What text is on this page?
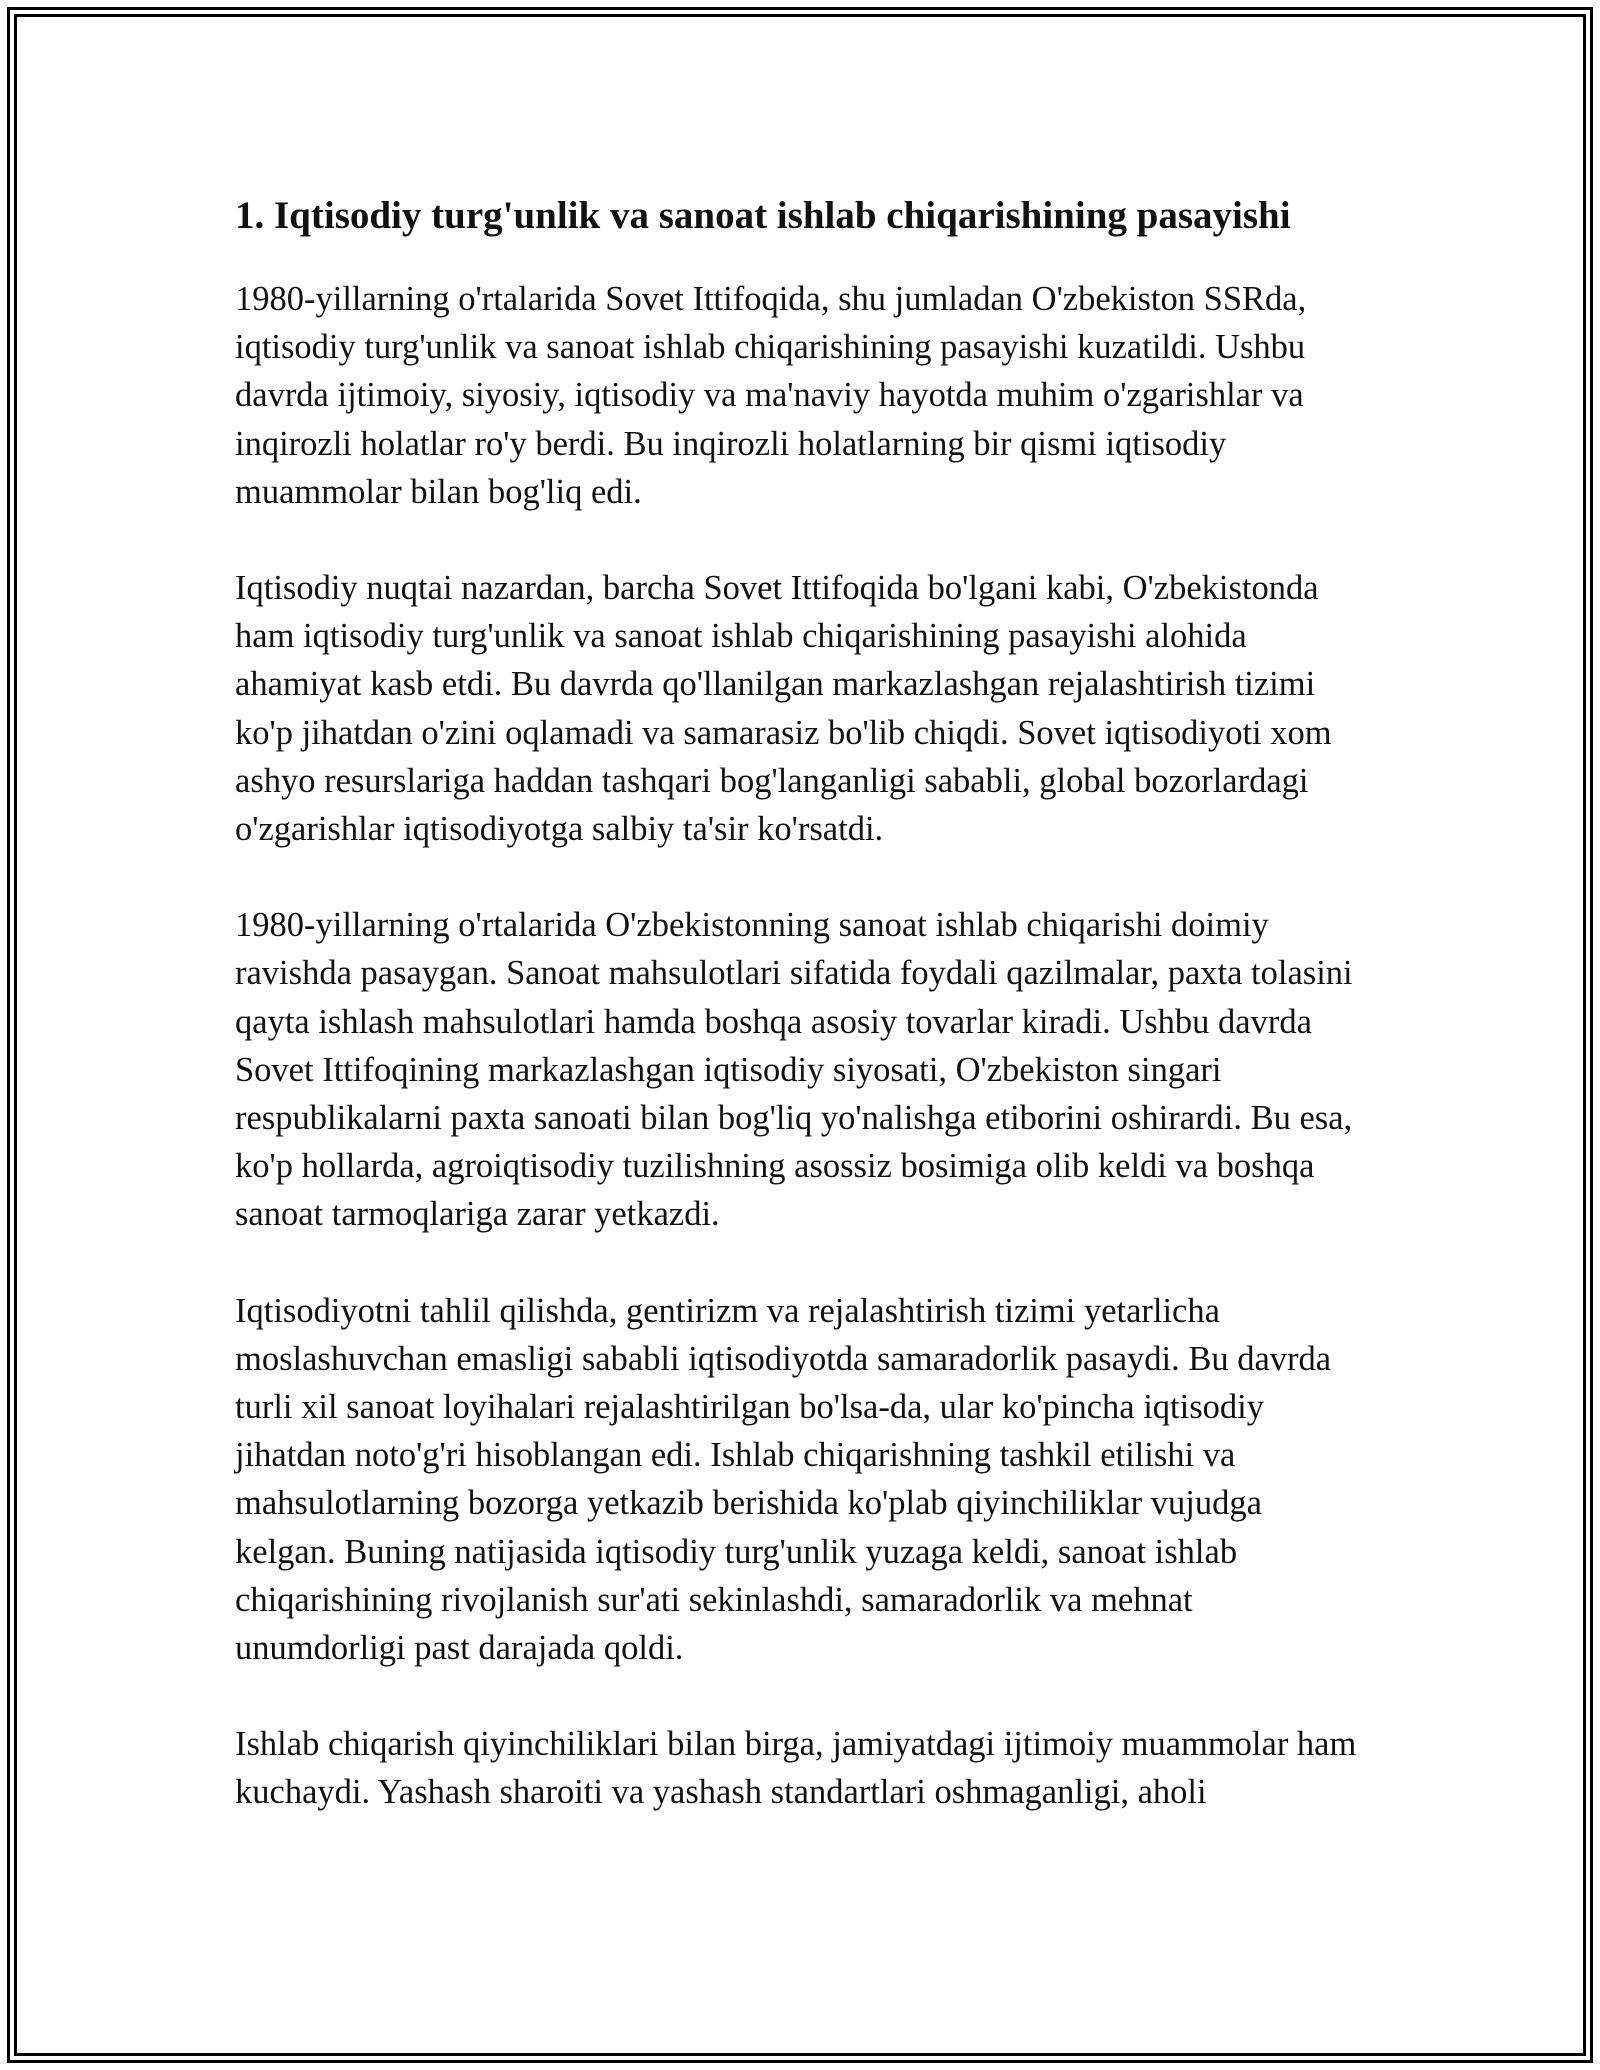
1. Iqtisodiy turg'unlik va sanoat ishlab chiqarishining pasayishi

1980-yillarning o'rtalarida Sovet Ittifoqida, shu jumladan O'zbekiston SSRda, iqtisodiy turg'unlik va sanoat ishlab chiqarishining pasayishi kuzatildi. Ushbu davrda ijtimoiy, siyosiy, iqtisodiy va ma'naviy hayotda muhim o'zgarishlar va inqirozli holatlar ro'y berdi. Bu inqirozli holatlarning bir qismi iqtisodiy muammolar bilan bog'liq edi.

Iqtisodiy nuqtai nazardan, barcha Sovet Ittifoqida bo'lgani kabi, O'zbekistonda ham iqtisodiy turg'unlik va sanoat ishlab chiqarishining pasayishi alohida ahamiyat kasb etdi. Bu davrda qo'llanilgan markazlashgan rejalashtirish tizimi ko'p jihatdan o'zini oqlamadi va samarasiz bo'lib chiqdi. Sovet iqtisodiyoti xom ashyo resurslariga haddan tashqari bog'langanligi sababli, global bozorlardagi o'zgarishlar iqtisodiyotga salbiy ta'sir ko'rsatdi.

1980-yillarning o'rtalarida O'zbekistonning sanoat ishlab chiqarishi doimiy ravishda pasaygan. Sanoat mahsulotlari sifatida foydali qazilmalar, paxta tolasini qayta ishlash mahsulotlari hamda boshqa asosiy tovarlar kiradi. Ushbu davrda Sovet Ittifoqining markazlashgan iqtisodiy siyosati, O'zbekiston singari respublikalarni paxta sanoati bilan bog'liq yo'nalishga etiborini oshirardi. Bu esa, ko'p hollarda, agroiqtisodiy tuzilishning asossiz bosimiga olib keldi va boshqa sanoat tarmoqlariga zarar yetkazdi.

Iqtisodiyotni tahlil qilishda, gentirizm va rejalashtirish tizimi yetarlicha moslashuvchan emasligi sababli iqtisodiyotda samaradorlik pasaydi. Bu davrda turli xil sanoat loyihalari rejalashtirilgan bo'lsa-da, ular ko'pincha iqtisodiy jihatdan noto'g'ri hisoblangan edi. Ishlab chiqarishning tashkil etilishi va mahsulotlarning bozorga yetkazib berishida ko'plab qiyinchiliklar vujudga kelgan. Buning natijasida iqtisodiy turg'unlik yuzaga keldi, sanoat ishlab chiqarishining rivojlanish sur'ati sekinlashdi, samaradorlik va mehnat unumdorligi past darajada qoldi.

Ishlab chiqarish qiyinchiliklari bilan birga, jamiyatdagi ijtimoiy muammolar ham kuchaydi. Yashash sharoiti va yashash standartlari oshmaganligi, aholi
